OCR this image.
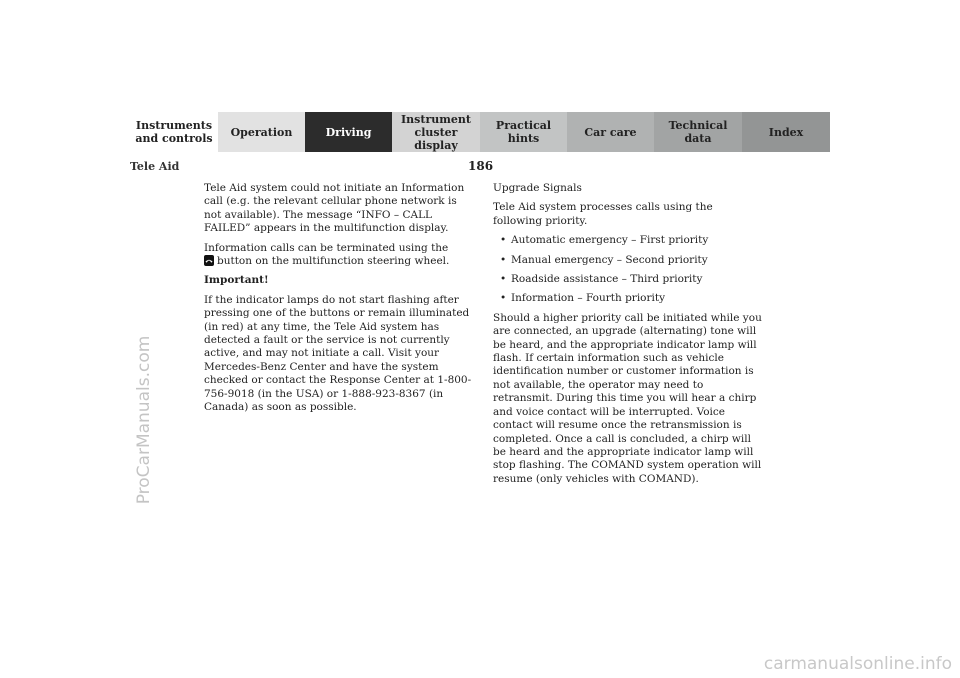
Instruments
and controls Operation	Driving
Instrument
cluster display
Practical hints	Car care	Technical
data	Index
Tele Aid	186

Tele Aid system could not initiate an Information call (e.g. the relevant cellular phone network is not available). The message “INFO – CALL FAILED” appears in the multifunction display.

Information calls can be terminated using the

button on the multifunction steering wheel.

Important!

If the indicator lamps do not start flashing after pressing one of the buttons or remain illuminated (in red) at any time, the Tele Aid system has detected a fault or the service is not currently active, and may not initiate a call. Visit your Mercedes-Benz Center and have the system checked or contact the Response Center at 1-800-756-9018 (in the USA) or 1-888-923-8367 (in Canada) as soon as possible.

Upgrade Signals

Tele Aid system processes calls using the following priority.

• Automatic emergency – First priority
• Manual emergency – Second priority
• Roadside assistance – Third priority
• Information – Fourth priority

Should a higher priority call be initiated while you are connected, an upgrade (alternating) tone will be heard, and the appropriate indicator lamp will flash. If certain information such as vehicle identification number or customer information is not available, the operator may need to retransmit. During this time you will hear a chirp and voice contact will be interrupted. Voice contact will resume once the retransmission is completed. Once a call is concluded, a chirp will be heard and the appropriate indicator lamp will stop flashing. The COMAND system operation will resume (only vehicles with COMAND).

ProCarManuals.com
carmanualsonline.info
